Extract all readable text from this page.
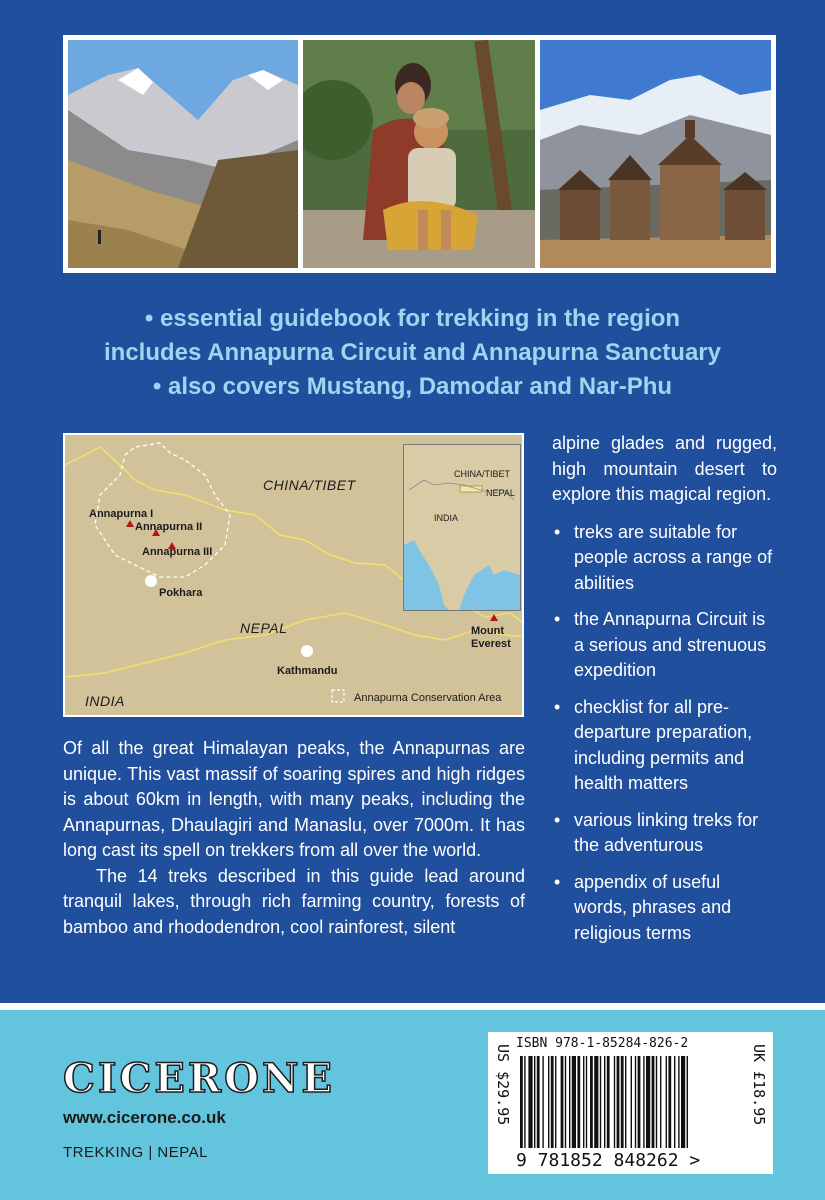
• essential guidebook for trekking in the region
includes Annapurna Circuit and Annapurna Sanctuary
• also covers Mustang, Damodar and Nar-Phu
CHINA/TIBET
NEPAL
INDIA
Annapurna I
Annapurna II
Annapurna III
Pokhara
Kathmandu
Mount
Everest
Annapurna Conservation Area
CHINA/TIBET
NEPAL
INDIA
alpine glades and rugged, high mountain desert to explore this magical region.
• treks are suitable for people across a range of abilities
• the Annapurna Circuit is a serious and strenuous expedition
• checklist for all pre-departure preparation, including permits and health matters
• various linking treks for the adventurous
• appendix of useful words, phrases and religious terms

Of all the great Himalayan peaks, the Annapurnas are unique. This vast massif of soaring spires and high ridges is about 60km in length, with many peaks, including the Annapurnas, Dhaulagiri and Manaslu, over 7000m. It has long cast its spell on trekkers from all over the world.

The 14 treks described in this guide lead around tranquil lakes, through rich farming country, forests of bamboo and rhododendron, cool rainforest, silent

CICERONE
www.cicerone.co.uk
TREKKING | NEPAL
ISBN 978-1-85284-826-2
US $29.95	UK £18.95
9 781852 848262 >
